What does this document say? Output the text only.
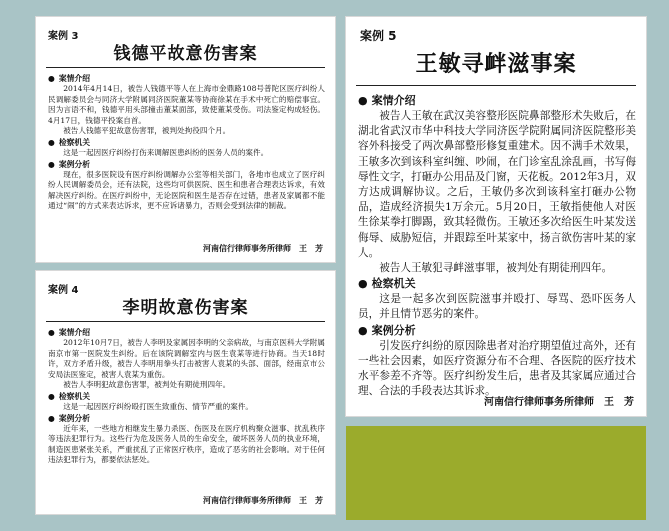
案例 3
钱德平故意伤害案

● 案情介绍

2014年4月14日，被告人钱德平等人在上海市金鼎路108号普陀区医疗纠纷人民调解委员会与同济大学附属同济医院董某等协商徐某在手术中死亡的赔偿事宜。因为言语不和，钱德平用头部撞击董某面部，致使董某受伤。司法鉴定构成轻伤。4月17日，钱德平投案自首。

被告人钱德平犯故意伤害罪，被判处拘役四个月。

● 检察机关

这是一起因医疗纠纷打伤来调解医患纠纷的医务人员的案件。

● 案例分析

现在，很多医院设有医疗纠纷调解办公室等相关部门，各地市也成立了医疗纠纷人民调解委员会，还有法院，这些均可供医院、医生和患者合理表达诉求，有效解决医疗纠纷。在医疗纠纷中，无论医院和医生是否存在过错，患者及家属都不能通过“闹”的方式来表达诉求，更不应诉诸暴力，否则会受到法律的制裁。

河南信行律师事务所律师　王　芳
案例 4
李明故意伤害案

● 案情介绍

2012年10月7日，被告人李明及家属因李明的父亲病故，与南京医科大学附属南京市第一医院发生纠纷。后在该院调解室内与医生袁某等进行协商。当天18时许，双方矛盾升级，被告人李明用拳头打击被害人袁某的头部、面部，经南京市公安局法医鉴定，被害人袁某为重伤。

被告人李明犯故意伤害罪，被判处有期徒刑四年。

● 检察机关

这是一起因医疗纠纷殴打医生致重伤、情节严重的案件。

● 案例分析

近年来，一些地方相继发生暴力杀医、伤医及在医疗机构聚众滋事、扰乱秩序等违法犯罪行为。这些行为危及医务人员的生命安全，破坏医务人员的执业环境，制造医患紧张关系，严重扰乱了正常医疗秩序，造成了恶劣的社会影响。对于任何违法犯罪行为，都要依法惩处。

河南信行律师事务所律师　王　芳
案例 5
王敏寻衅滋事案

● 案情介绍

被告人王敏在武汉美容整形医院鼻部整形术失败后，在湖北省武汉市华中科技大学同济医学院附属同济医院整形美容外科接受了两次鼻部整形修复重建术。因不满手术效果，王敏多次到该科室纠缠、吵闹，在门诊室乱涂乱画，书写侮辱性文字，打砸办公用品及门窗，天花板。2012年3月，双方达成调解协议。之后，王敏仍多次到该科室打砸办公物品，造成经济损失1万余元。5月20日，王敏指使他人对医生徐某拳打脚踢，致其轻微伤。王敏还多次给医生叶某发送侮辱、威胁短信，并跟踪至叶某家中，扬言欲伤害叶某的家人。

被告人王敏犯寻衅滋事罪，被判处有期徒刑四年。

● 检察机关

这是一起多次到医院滋事并殴打、辱骂、恐吓医务人员，并且情节恶劣的案件。

● 案例分析

引发医疗纠纷的原因除患者对治疗期望值过高外，还有一些社会因素，如医疗资源分布不合理、各医院的医疗技术水平参差不齐等。医疗纠纷发生后，患者及其家属应通过合理、合法的手段表达其诉求。

河南信行律师事务所律师　王　芳
